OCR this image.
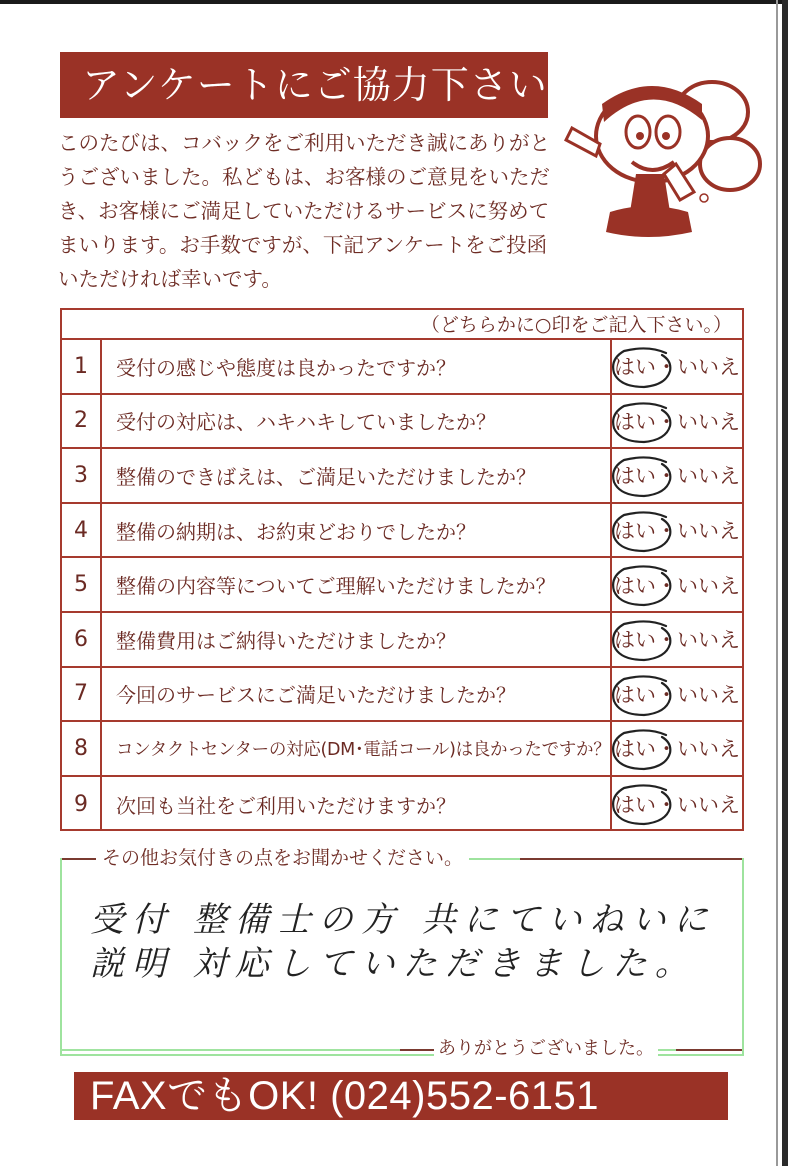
アンケートにご協力下さい
このたびは、コバックをご利用いただき誠にありがとうございました。私どもは、お客様のご意見をいただき、お客様にご満足していただけるサービスに努めてまいります。お手数ですが、下記アンケートをご投函いただければ幸いです。
（どちらかに○印をご記入下さい。）
1	受付の感じや態度は良かったですか？	はい ・ いいえ
2	受付の対応は、ハキハキしていましたか？	はい ・ いいえ
3	整備のできばえは、ご満足いただけましたか？	はい ・ いいえ
4	整備の納期は、お約束どおりでしたか？	はい ・ いいえ
5	整備の内容等についてご理解いただけましたか？	はい ・ いいえ
6	整備費用はご納得いただけましたか？	はい ・ いいえ
7	今回のサービスにご満足いただけましたか？	はい ・ いいえ
8	コンタクトセンターの対応(DM･電話コール)は良かったですか？ はい ・ いいえ
9	次回も当社をご利用いただけますか？	はい ・ いいえ
その他お気付きの点をお聞かせください。
受付 整備士の方 共にていねいに
説明 対応していただきました。
ありがとうございました。
FAXでもOK! (024)552-6151
